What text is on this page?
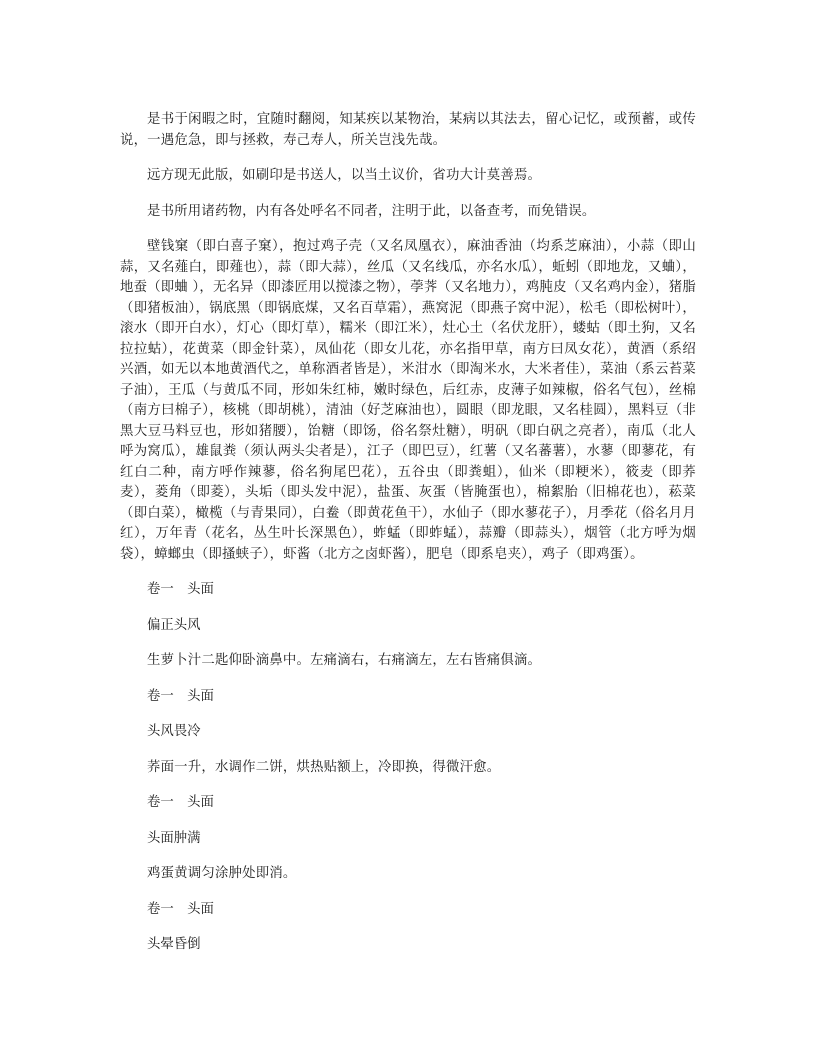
是书于闲暇之时，宜随时翻阅，知某疾以某物治，某病以其法去，留心记忆，或预蓄，或传说，一遇危急，即与拯救，寿己寿人，所关岂浅先哉。

远方现无此版，如刷印是书送人，以当土议价，省功大计莫善焉。

是书所用诸药物，内有各处呼名不同者，注明于此，以备查考，而免错误。

壁钱窠（即白喜子窠），抱过鸡子壳（又名凤凰衣），麻油香油（均系芝麻油），小蒜（即山蒜，又名薤白，即薤也），蒜（即大蒜），丝瓜（又名线瓜，亦名水瓜），蚯蚓（即地龙，又蛐），地蚕（即蛐 ），无名异（即漆匠用以搅漆之物），荸荠（又名地力），鸡肫皮（又名鸡内金），猪脂（即猪板油），锅底黑（即锅底煤，又名百草霜），燕窝泥（即燕子窝中泥），松毛（即松树叶），滚水（即开白水），灯心（即灯草），糯米（即江米），灶心土（名伏龙肝），蝼蛄（即土狗，又名拉拉蛄），花黄菜（即金针菜），凤仙花（即女儿花，亦名指甲草，南方曰凤女花），黄酒（系绍兴酒，如无以本地黄酒代之，单称酒者皆是），米泔水（即淘米水，大米者佳），菜油（系云苔菜子油），王瓜（与黄瓜不同，形如朱红柿，嫩时绿色，后红赤，皮薄子如辣椒，俗名气包），丝棉（南方曰棉子），核桃（即胡桃），清油（好芝麻油也），圆眼（即龙眼，又名桂圆），黑料豆（非黑大豆马料豆也，形如猪腰），饴糖（即饧，俗名祭灶糖），明矾（即白矾之亮者），南瓜（北人呼为窝瓜），雄鼠粪（须认两头尖者是），江子（即巴豆），红薯（又名蕃薯），水蓼（即蓼花，有红白二种，南方呼作辣蓼，俗名狗尾巴花），五谷虫（即粪蛆），仙米（即粳米），筱麦（即荞麦），菱角（即菱），头垢（即头发中泥），盐蛋、灰蛋（皆腌蛋也），棉絮胎（旧棉花也），菘菜（即白菜），橄榄（与青果同），白鲞（即黄花鱼干），水仙子（即水蓼花子），月季花（俗名月月红），万年青（花名，丛生叶长深黑色），蚱蜢（即蚱蜢），蒜瓣（即蒜头），烟管（北方呼为烟袋），蟑螂虫（即搔蛱子），虾酱（北方之卤虾酱），肥皂（即系皂夹），鸡子（即鸡蛋）。

卷一　头面

偏正头风

生萝卜汁二匙仰卧滴鼻中。左痛滴右，右痛滴左，左右皆痛俱滴。

卷一　头面

头风畏冷

荞面一升，水调作二饼，烘热贴额上，冷即换，得微汗愈。

卷一　头面

头面肿满

鸡蛋黄调匀涂肿处即消。

卷一　头面

头晕昏倒
